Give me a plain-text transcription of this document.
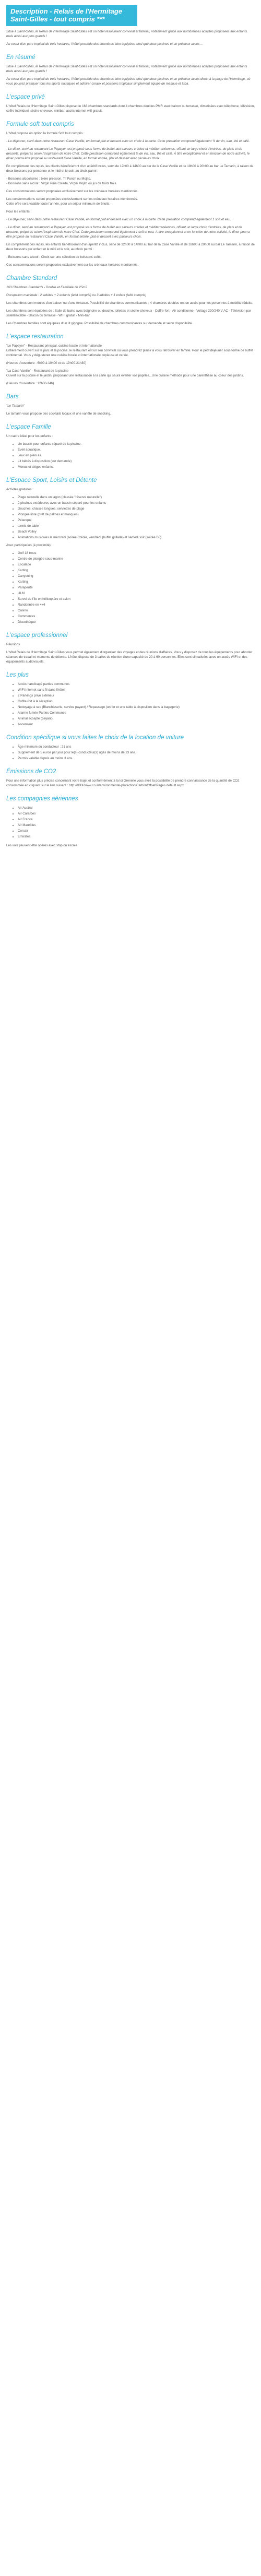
Description - Relais de l'Hermitage Saint-Gilles - tout compris ***

Situé à Saint-Gilles, le Relais de l'Hermitage Saint-Gilles est un hôtel résolument convivial et familial, notamment grâce aux nombreuses activités proposées aux enfants mais aussi aux plus grands !

Au coeur d'un parc tropical de trois hectares, l'hôtel possède des chambres bien équipées ainsi que deux piscines et un précieux accès ...

En résumé

Situé à Saint-Gilles, le Relais de l'Hermitage Saint-Gilles est un hôtel résolument convivial et familial, notamment grâce aux nombreuses activités proposées aux enfants mais aussi aux plus grands !

Au coeur d'un parc tropical de trois hectares, l'hôtel possède des chambres bien équipées ainsi que deux piscines et un précieux accès direct à la plage de l'Hermitage, où vous pourrez pratiquer tous les sports nautiques et admirer coraux et poissons tropicaux simplement équipé de masque et tuba.

L'espace privé

L'hôtel Relais de l'Hermitage Saint-Gilles dispose de 163 chambres standards dont 4 chambres doubles PMR avec balcon ou terrasse, climatisées avec téléphone, télévision, coffre individuel, sèche-cheveux, minibar, accès internet wifi gratuit.

Formule soft tout compris

L'hôtel propose en option la formule Soft tout compris :

- Le déjeuner, servi dans notre restaurant Case Vanille, en format plat et dessert avec un choix à la carte. Cette prestation comprend également ¼ de vin, eau, thé et café.

- Le dîner, servi au restaurant Le Papayer, est proposé sous forme de buffet aux saveurs créoles et méditerranéennes, offrant un large choix d'entrées, de plats et de desserts, préparés selon l'inspiration de notre Chef. Cette prestation comprend également ¼ de vin, eau, thé et café. À titre exceptionnel et en fonction de notre activité, le dîner pourra être proposé au restaurant Case Vanille, en format entrée, plat et dessert avec plusieurs choix.

En complément des repas, les clients bénéficieront d'un apéritif inclus, servi de 12h00 à 14h00 au bar de la Case Vanille et de 18h00 à 20h00 au bar Le Tamarin, à raison de deux boissons par personne et le midi et le soir, au choix parmi :

- Boissons alcoolisées : bière pression, Ti' Punch ou Mojito.

- Boissons sans alcool : Virgin Piña Colada, Virgin Mojito ou jus de fruits frais.

Ces consommations seront proposées exclusivement sur les créneaux horaires mentionnés.

Les consommations seront proposées exclusivement sur les créneaux horaires mentionnés.

Cette offre sera valable toute l'année, pour un séjour minimum de 5nuits.

Pour les enfants :

- Le déjeuner, servi dans notre restaurant Case Vanille, en format plat et dessert avec un choix à la carte. Cette prestation comprend également 1 soft et eau.

- Le dîner, servi au restaurant Le Papayer, est proposé sous forme de buffet aux saveurs créoles et méditerranéennes, offrant un large choix d'entrées, de plats et de desserts, préparés selon l'inspiration de notre Chef. Cette prestation comprend également 1 soft et eau. À titre exceptionnel et en fonction de notre activité, le dîner pourra être proposé au restaurant Case Vanille, en format entrée, plat et dessert avec plusieurs choix.

En complément des repas, les enfants bénéficieront d'un apéritif inclus, servi de 12h00 à 14h00 au bar de la Case Vanille et de 18h00 à 20h00 au bar Le Tamarin, à raison de deux boissons par enfant et le midi et le soir, au choix parmi :

- Boissons sans alcool : Choix sur une sélection de boissons softs.

Ces consommations seront proposées exclusivement sur les créneaux horaires mentionnés.

Chambre Standard

163 Chambres Standards - Double et Familiale de 25m2

Occupation maximale : 2 adultes + 2 enfants (lebit compris) ou 3 adultes + 1 enfant (lebit compris)

Les chambres sont munies d'un balcon ou d'une terrasse. Possibilité de chambres communicantes ; 4 chambres doubles ont un accès pour les personnes à mobilité réduite.

Les chambres sont équipées de : Salle de bains avec baignoire ou douche, toilettes et sèche-cheveux - Coffre-fort - Air conditionne - Voltage 220/240 V AC - Télévision par satellite/cable - Balcon ou terrasse - WIFI gratuit - Mini-bar

Les Chambres familles sont équipées d'un lit gigogne. Possibilité de chambres communicantes sur demande et selon disponibilité.

L'espace restauration

"Le Papayer" - Restaurant principal, cuisine locale et internationale

Entièrement ouvert sur le parc et la piscine, le restaurant est un lieu convivial où vous prendrez plaisir à vous retrouver en famille. Pour le petit déjeuner sous forme de buffet continental. Vous y dégusterez une cuisine locale et internationale copieuse et variée.

(Heures d'ouverture : 6h00 à 10h00 et de 19h00-21h30)

"La Case Vanille" - Restaurant de la piscine

Ouvert sur la piscine et le jardin, proposant une restauration à la carte qui saura éveiller vos papilles...Une cuisine méthode pour une parenthèse au coeur des jardins.

(Heures d'ouverture : 12h00-14h)

Bars

"Le Tamarin"

Le tamarin vous propose des cocktails locaux et une variété de snacking.

L'espace Famille

Un cadre idéal pour les enfants :

• Un bassin pour enfants séparé de la piscine.
• Éveil aquatique.
• Jeux en plein air.
• Lit bébés à disposition (sur demande)
• Menus et sièges enfants.
L'Espace Sport, Loisirs et Détente

Activités gratuites :

• Plage naturelle dans un lagon (classée "réserve naturelle")
• 2 piscines extérieures avec un bassin séparé pour les enfants
• Douches, chaises longues, serviettes de plage
• Plongée libre (prêt de palmes et masques)
• Pétanque
• tennis de table
• Beach Volley
• Animations musicales le mercredi (soirée Créole, vendredi (buffet grillade) et samedi soir (soirée DJ)

Avec participation (à proximité) :

• Golf 18 trous
• Centre de plongée sous-marine
• Escalade
• Karting
• Canyoning
• Karting
• Parapente
• ULM
• Survol de l'île en hélicoptère et avion
• Randonnée en 4x4
• Casino
• Commerces
• Discothèque
L'espace professionnel

Réunions

L'hôtel Relais de l'Hermitage Saint-Gilles vous permet également d'organiser des voyages et des réunions d'affaires. Vous y disposez de tous les équipements pour aborder séances de travail et moments de détente. L'hôtel dispose de 3 salles de réunion d'une capacité de 20 à 60 personnes. Elles sont climatisées avec un accès WIFI et des équipements audiovisuels.

Les plus
• Accès handicapé parties communes
• WIFI Internet sans fil dans l'hôtel
• 2 Parkings privé extérieur
• Coffre-fort à la réception
• Nettoyage à sec (Blanchisserie, service payant) / Repassage (un fer et une table à disposition dans la bagagerie)
• Alarme fumée Parties Communes
• Animal accepté (payant)
• Ascenseur
Condition spécifique si vous faites le choix de la location de voiture
• Âge minimum du conducteur : 21 ans
• Supplément de 5 euros par jour pour le(s) conducteur(s) âgés de moins de 23 ans.
• Permis valable depuis au moins 3 ans.
Émissions de CO2

Pour une information plus précise concernant votre trajet et conformément à la loi Grenelle vous avez la possibilité de prendre connaissance de la quantité de CO2 consommée en cliquant sur le lien suivant : http://XXX/www.co.in/environmental-protection/CarbonOffset/Pages default.aspx

Les compagnies aériennes
• Air Austral
• Air Caraïbes
• Air France
• Air Mauritius
• Corsair
• Emirates

Les vols peuvent être opérés avec stop ou escale
